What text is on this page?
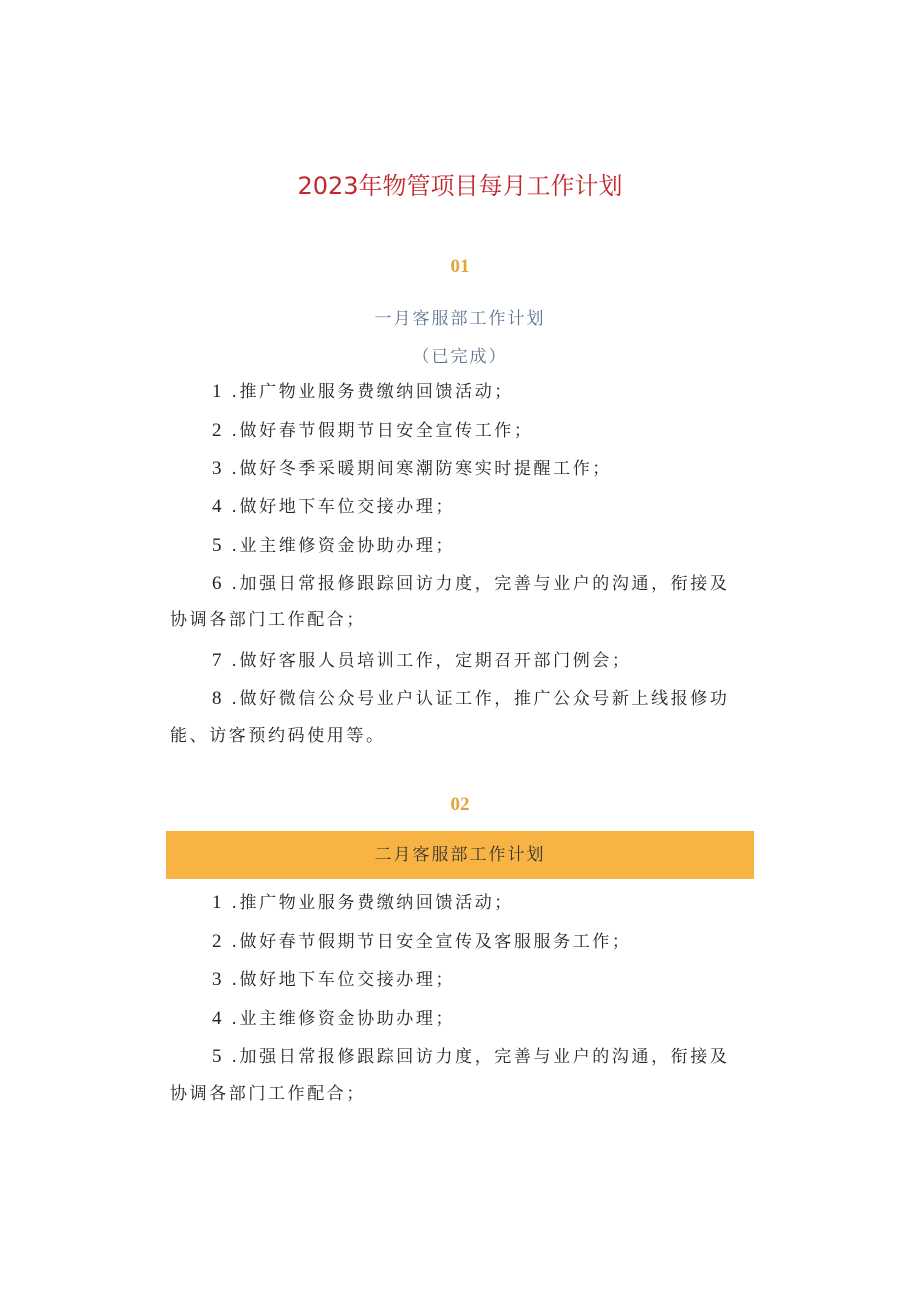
2023年物管项目每月工作计划
01
一月客服部工作计划
（已完成）
1 .推广物业服务费缴纳回馈活动；
2 .做好春节假期节日安全宣传工作；
3 .做好冬季采暖期间寒潮防寒实时提醒工作；
4 .做好地下车位交接办理；
5 .业主维修资金协助办理；
6 .加强日常报修跟踪回访力度，完善与业户的沟通，衔接及
协调各部门工作配合；
7 .做好客服人员培训工作，定期召开部门例会；
8 .做好微信公众号业户认证工作，推广公众号新上线报修功
能、访客预约码使用等。
02
二月客服部工作计划
1 .推广物业服务费缴纳回馈活动；
2 .做好春节假期节日安全宣传及客服服务工作；
3 .做好地下车位交接办理；
4 .业主维修资金协助办理；
5 .加强日常报修跟踪回访力度，完善与业户的沟通，衔接及
协调各部门工作配合；
